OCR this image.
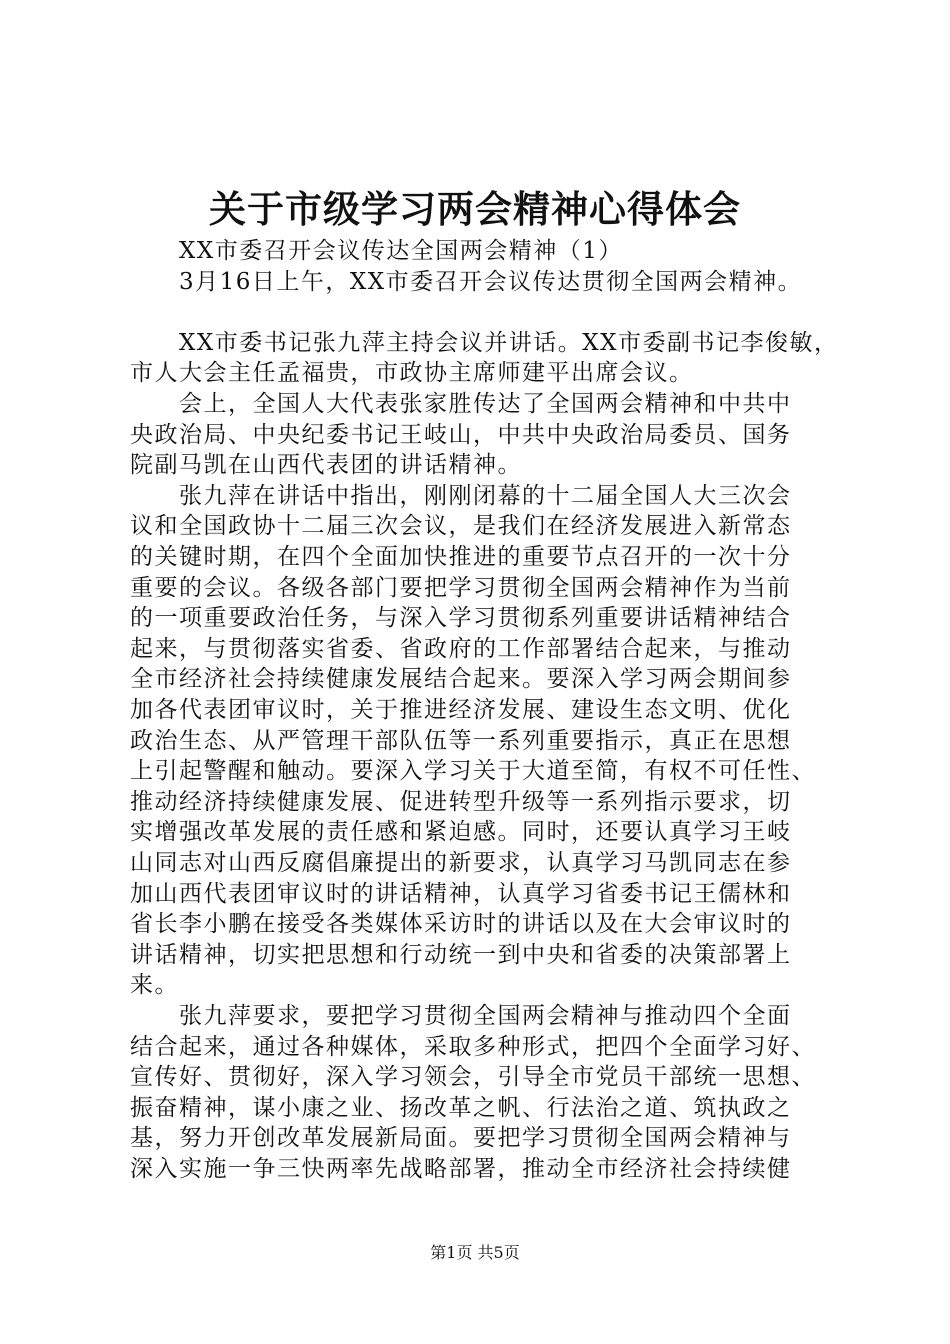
关于市级学习两会精神心得体会
　　XX市委召开会议传达全国两会精神（1）
　　3月16日上午，XX市委召开会议传达贯彻全国两会精神。
　　XX市委书记张九萍主持会议并讲话。XX市委副书记李俊敏，
市人大会主任孟福贵，市政协主席师建平出席会议。
　　会上，全国人大代表张家胜传达了全国两会精神和中共中
央政治局、中央纪委书记王岐山，中共中央政治局委员、国务
院副马凯在山西代表团的讲话精神。
　　张九萍在讲话中指出，刚刚闭幕的十二届全国人大三次会
议和全国政协十二届三次会议，是我们在经济发展进入新常态
的关键时期，在四个全面加快推进的重要节点召开的一次十分
重要的会议。各级各部门要把学习贯彻全国两会精神作为当前
的一项重要政治任务，与深入学习贯彻系列重要讲话精神结合
起来，与贯彻落实省委、省政府的工作部署结合起来，与推动
全市经济社会持续健康发展结合起来。要深入学习两会期间参
加各代表团审议时，关于推进经济发展、建设生态文明、优化
政治生态、从严管理干部队伍等一系列重要指示，真正在思想
上引起警醒和触动。要深入学习关于大道至简，有权不可任性、
推动经济持续健康发展、促进转型升级等一系列指示要求，切
实增强改革发展的责任感和紧迫感。同时，还要认真学习王岐
山同志对山西反腐倡廉提出的新要求，认真学习马凯同志在参
加山西代表团审议时的讲话精神，认真学习省委书记王儒林和
省长李小鹏在接受各类媒体采访时的讲话以及在大会审议时的
讲话精神，切实把思想和行动统一到中央和省委的决策部署上
来。
　　张九萍要求，要把学习贯彻全国两会精神与推动四个全面
结合起来，通过各种媒体，采取多种形式，把四个全面学习好、
宣传好、贯彻好，深入学习领会，引导全市党员干部统一思想、
振奋精神，谋小康之业、扬改革之帆、行法治之道、筑执政之
基，努力开创改革发展新局面。要把学习贯彻全国两会精神与
深入实施一争三快两率先战略部署，推动全市经济社会持续健
第1页 共5页
